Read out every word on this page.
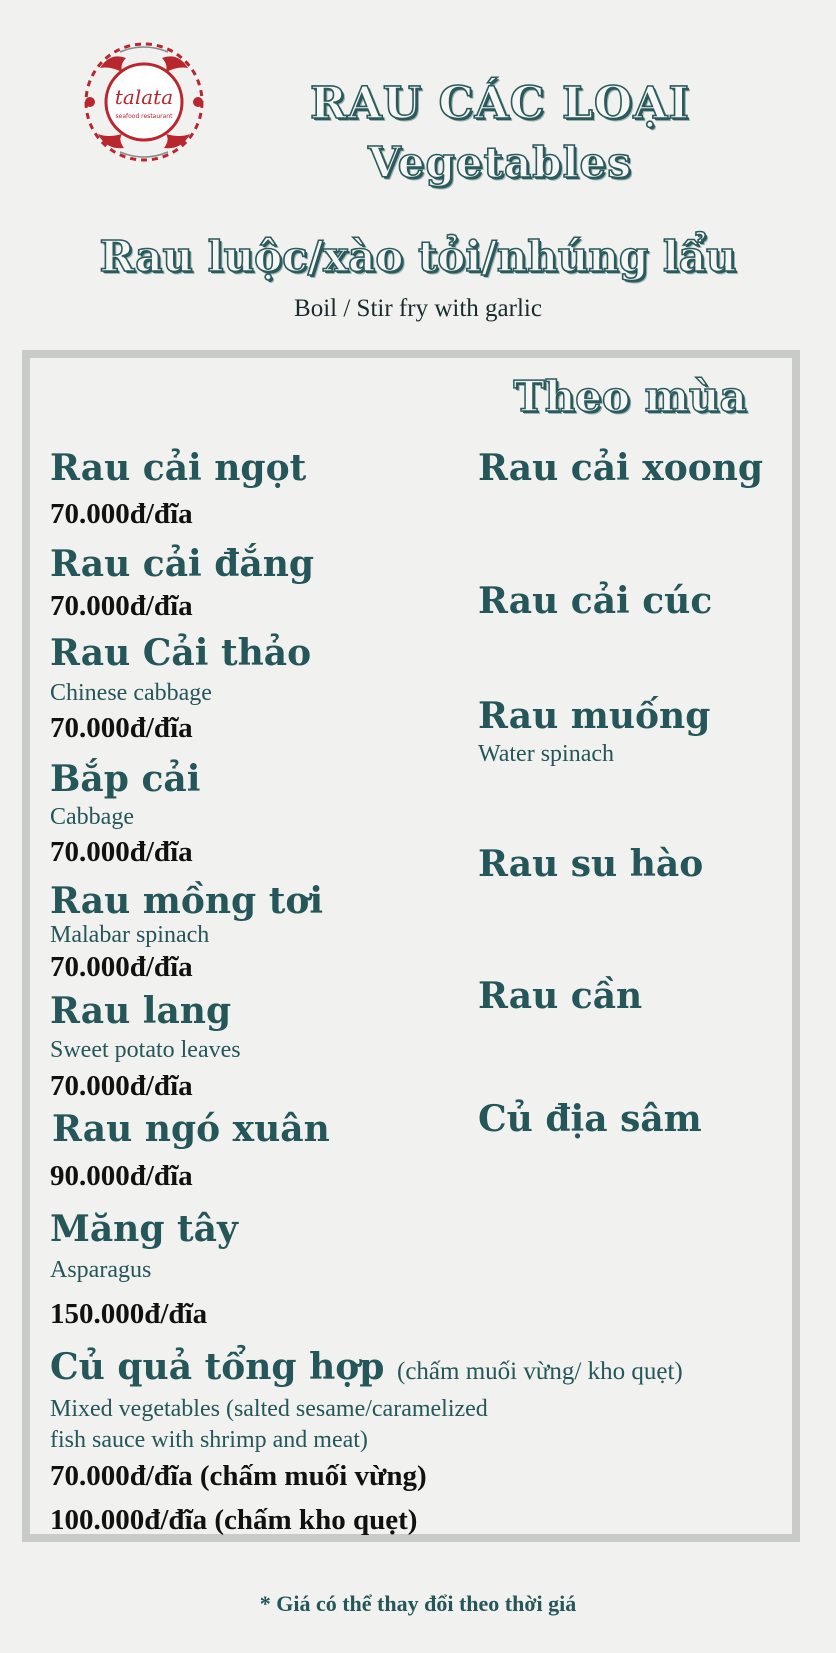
talata
seafood restaurant	RAU CÁC LOẠI
Vegetables
Rau luộc/xào tỏi/nhúng lẩu
Boil / Stir fry with garlic
Theo mùa
Rau cải ngọt
70.000đ/đĩa
Rau cải đắng
70.000đ/đĩa
Rau Cải thảo
Chinese cabbage
70.000đ/đĩa
Bắp cải
Cabbage
70.000đ/đĩa
Rau mồng tơi
Malabar spinach
70.000đ/đĩa
Rau lang
Sweet potato leaves
70.000đ/đĩa
Rau ngó xuân
90.000đ/đĩa
Măng tây
Asparagus
150.000đ/đĩa
Củ quả tổng hợp (chấm muối vừng/ kho quẹt)
Mixed vegetables (salted sesame/caramelized
fish sauce with shrimp and meat)
70.000đ/đĩa (chấm muối vừng)
100.000đ/đĩa (chấm kho quẹt)
Rau cải xoong
Rau cải cúc
Rau muống
Water spinach
Rau su hào
Rau cần
Củ địa sâm
* Giá có thể thay đổi theo thời giá
